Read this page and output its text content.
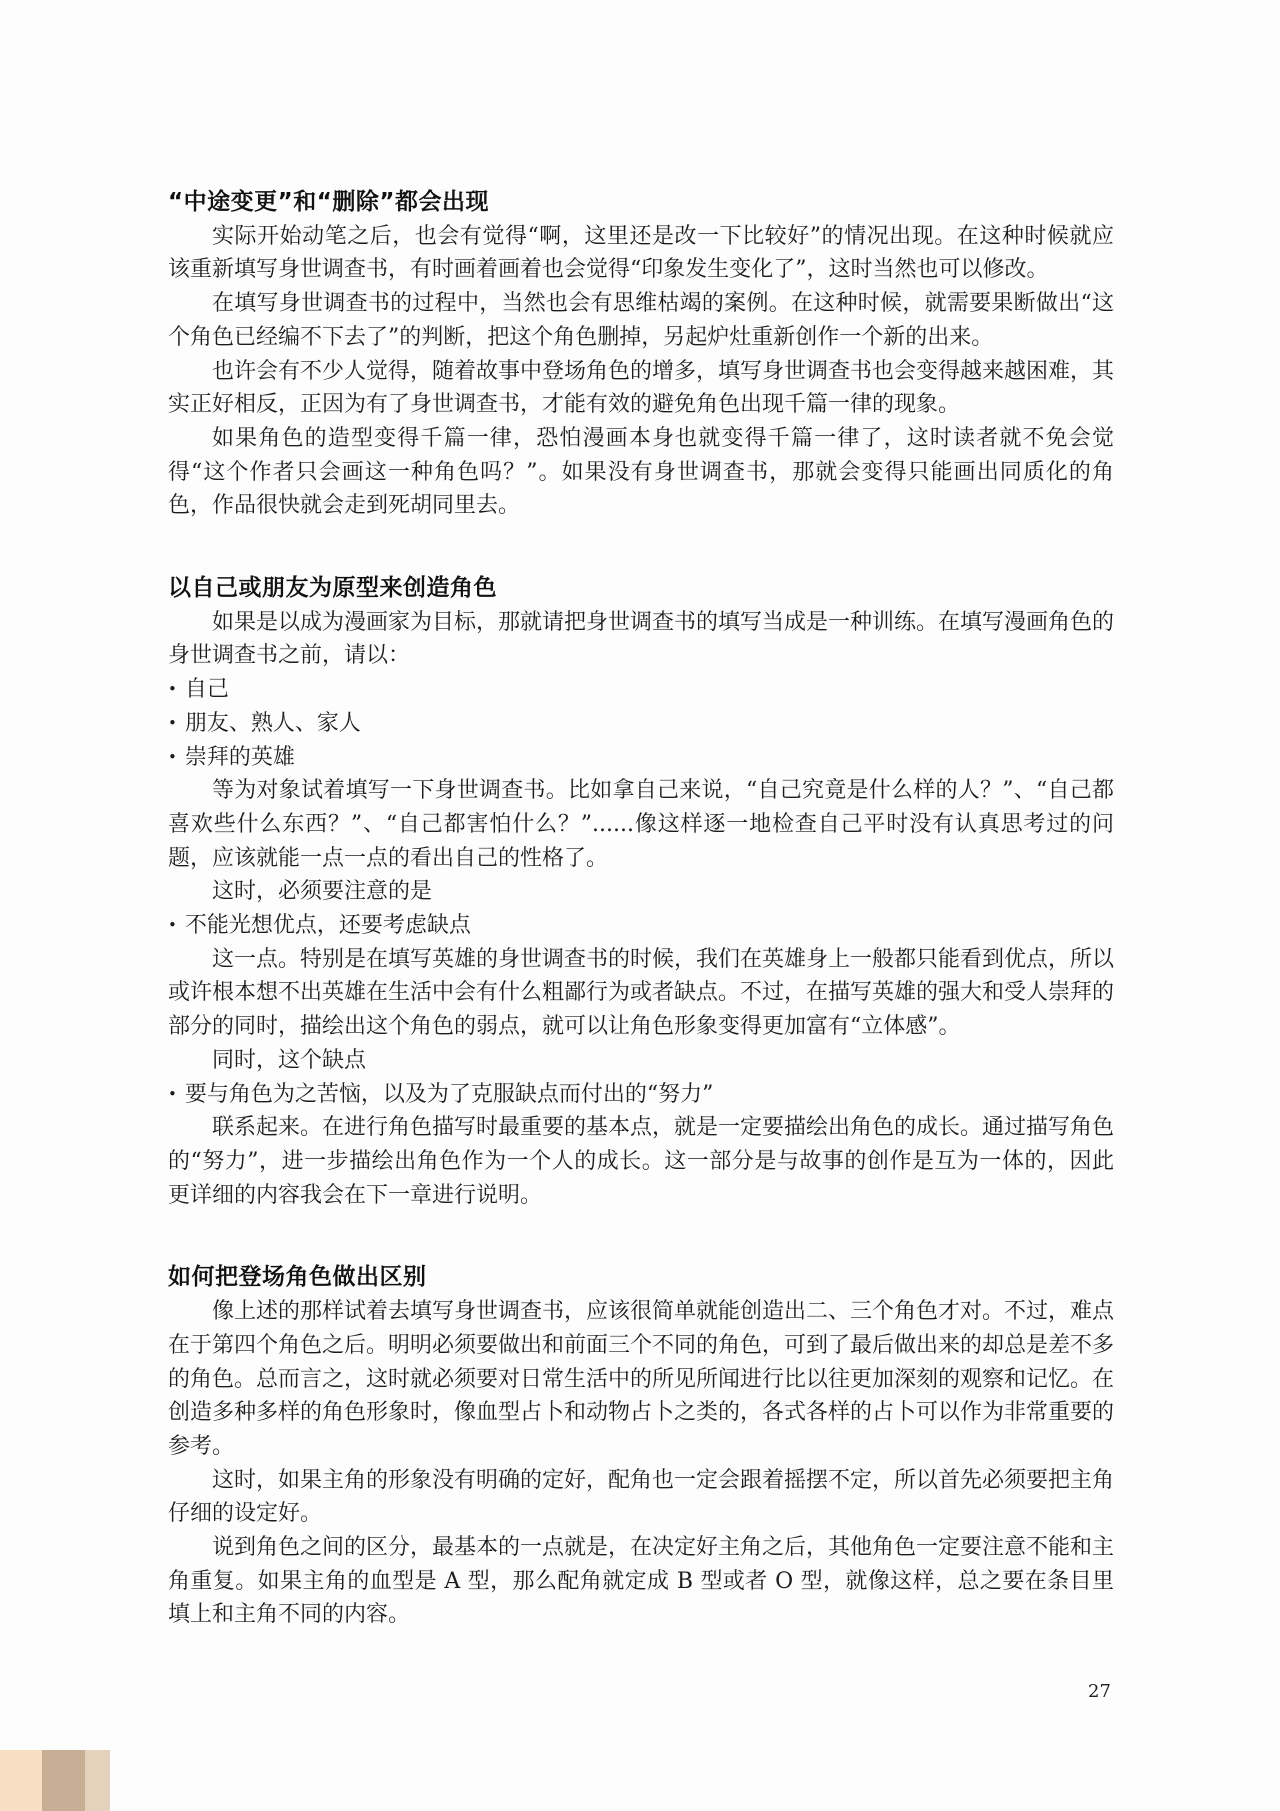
“中途变更”和“删除”都会出现

实际开始动笔之后，也会有觉得“啊，这里还是改一下比较好”的情况出现。在这种时候就应该重新填写身世调查书，有时画着画着也会觉得“印象发生变化了”，这时当然也可以修改。

在填写身世调查书的过程中，当然也会有思维枯竭的案例。在这种时候，就需要果断做出“这个角色已经编不下去了”的判断，把这个角色删掉，另起炉灶重新创作一个新的出来。

也许会有不少人觉得，随着故事中登场角色的增多，填写身世调查书也会变得越来越困难，其实正好相反，正因为有了身世调查书，才能有效的避免角色出现千篇一律的现象。

如果角色的造型变得千篇一律，恐怕漫画本身也就变得千篇一律了，这时读者就不免会觉得“这个作者只会画这一种角色吗？”。如果没有身世调查书，那就会变得只能画出同质化的角色，作品很快就会走到死胡同里去。

以自己或朋友为原型来创造角色

如果是以成为漫画家为目标，那就请把身世调查书的填写当成是一种训练。在填写漫画角色的身世调查书之前，请以：

• 自己

• 朋友、熟人、家人

• 崇拜的英雄

等为对象试着填写一下身世调查书。比如拿自己来说，“自己究竟是什么样的人？”、“自己都喜欢些什么东西？”、“自己都害怕什么？”......像这样逐一地检查自己平时没有认真思考过的问题，应该就能一点一点的看出自己的性格了。

这时，必须要注意的是

• 不能光想优点，还要考虑缺点

这一点。特别是在填写英雄的身世调查书的时候，我们在英雄身上一般都只能看到优点，所以或许根本想不出英雄在生活中会有什么粗鄙行为或者缺点。不过，在描写英雄的强大和受人崇拜的部分的同时，描绘出这个角色的弱点，就可以让角色形象变得更加富有“立体感”。

同时，这个缺点

• 要与角色为之苦恼，以及为了克服缺点而付出的“努力”

联系起来。在进行角色描写时最重要的基本点，就是一定要描绘出角色的成长。通过描写角色的“努力”，进一步描绘出角色作为一个人的成长。这一部分是与故事的创作是互为一体的，因此更详细的内容我会在下一章进行说明。

如何把登场角色做出区别

像上述的那样试着去填写身世调查书，应该很简单就能创造出二、三个角色才对。不过，难点在于第四个角色之后。明明必须要做出和前面三个不同的角色，可到了最后做出来的却总是差不多的角色。总而言之，这时就必须要对日常生活中的所见所闻进行比以往更加深刻的观察和记忆。在创造多种多样的角色形象时，像血型占卜和动物占卜之类的，各式各样的占卜可以作为非常重要的参考。

这时，如果主角的形象没有明确的定好，配角也一定会跟着摇摆不定，所以首先必须要把主角仔细的设定好。

说到角色之间的区分，最基本的一点就是，在决定好主角之后，其他角色一定要注意不能和主角重复。如果主角的血型是 A 型，那么配角就定成 B 型或者 O 型，就像这样，总之要在条目里填上和主角不同的内容。

27
